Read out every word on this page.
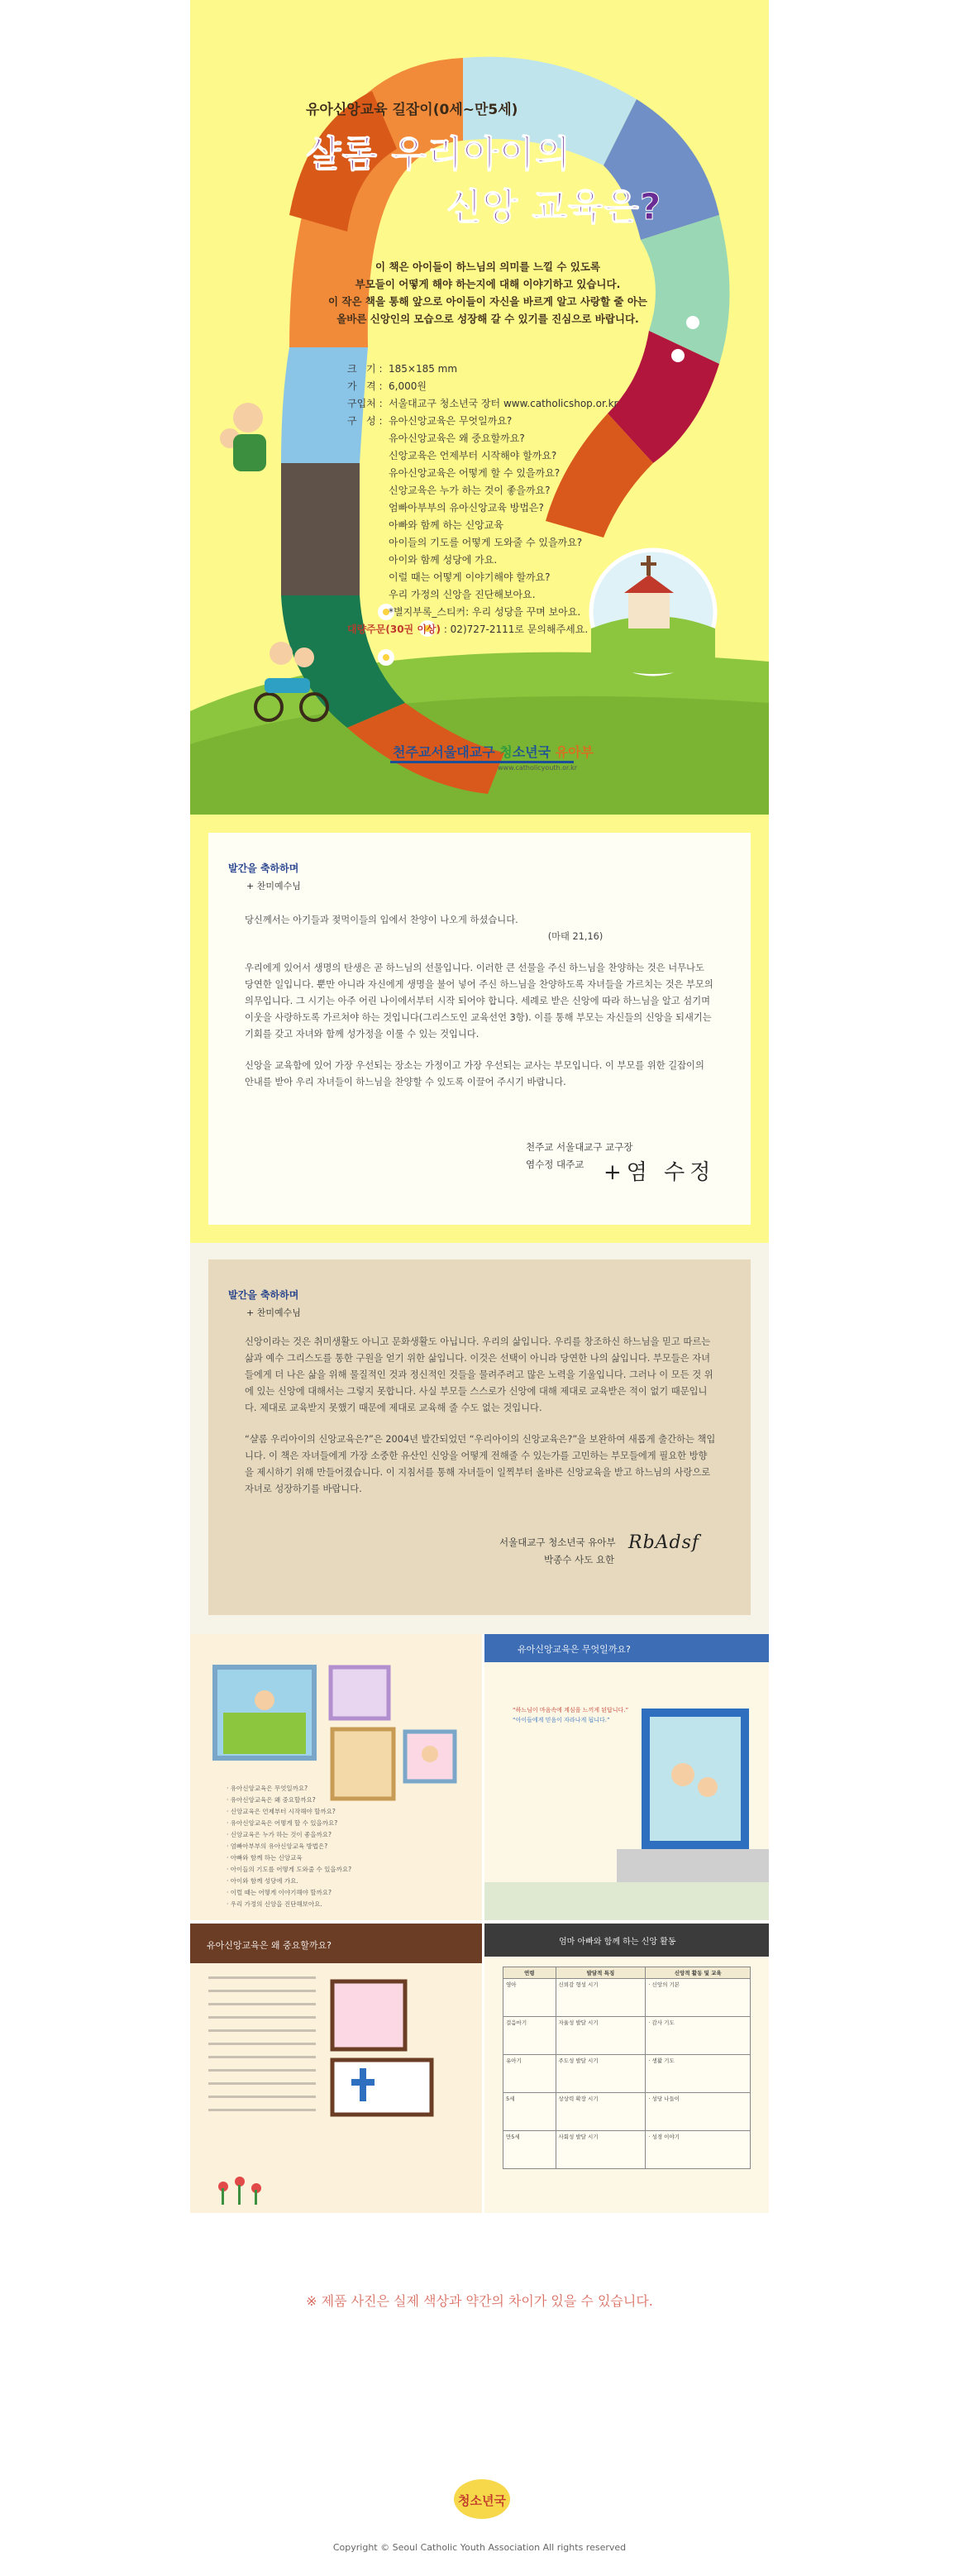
유아신앙교육 길잡이(0세~만5세)
샬롬 우리아이의
신앙 교육은?
이 책은 아이들이 하느님의 의미를 느낄 수 있도록
부모들이 어떻게 해야 하는지에 대해 이야기하고 있습니다.
이 작은 책을 통해 앞으로 아이들이 자신을 바르게 알고 사랑할 줄 아는
올바른 신앙인의 모습으로 성장해 갈 수 있기를 진심으로 바랍니다.
크   기 : 185×185 mm
가   격 : 6,000원
구입처 : 서울대교구 청소년국 장터 www.catholicshop.or.kr
구   성 : 유아신앙교육은 무엇일까요?
유아신앙교육은 왜 중요할까요?
신앙교육은 언제부터 시작해야 할까요?
유아신앙교육은 어떻게 할 수 있을까요?
신앙교육은 누가 하는 것이 좋을까요?
엄빠아부부의 유아신앙교육 방법은?
아빠와 함께 하는 신앙교육
아이들의 기도를 어떻게 도와줄 수 있을까요?
아이와 함께 성당에 가요.
이럴 때는 어떻게 이야기해야 할까요?
우리 가정의 신앙을 진단해보아요.
*별지부록_스티커: 우리 성당을 꾸며 보아요.
대량주문(30권 이상) : 02)727-2111로 문의해주세요.
천주교서울대교구 청소년국 유아부
www.catholicyouth.or.kr
발간을 축하하며
+ 찬미예수님

당신께서는 아기들과 젖먹이들의 입에서 찬양이 나오게 하셨습니다.

(마태 21,16)

우리에게 있어서 생명의 탄생은 곧 하느님의 선물입니다. 이러한 큰 선물을 주신 하느님을 찬양하는 것은 너무나도 당연한 일입니다. 뿐만 아니라 자신에게 생명을 불어 넣어 주신 하느님을 찬양하도록 자녀들을 가르치는 것은 부모의 의무입니다. 그 시기는 아주 어린 나이에서부터 시작 되어야 합니다. 세례로 받은 신앙에 따라 하느님을 알고 섬기며 이웃을 사랑하도록 가르쳐야 하는 것입니다(그리스도인 교육선언 3항). 이를 통해 부모는 자신들의 신앙을 되새기는 기회를 갖고 자녀와 함께 성가정을 이룰 수 있는 것입니다.

신앙을 교육함에 있어 가장 우선되는 장소는 가정이고 가장 우선되는 교사는 부모입니다. 이 부모를 위한 길잡이의 안내를 받아 우리 자녀들이 하느님을 찬양할 수 있도록 이끌어 주시기 바랍니다.

천주교 서울대교구 교구장
염수정 대주교 +염 수정
발간을 축하하며
+ 찬미예수님

신앙이라는 것은 취미생활도 아니고 문화생활도 아닙니다. 우리의 삶입니다. 우리를 창조하신 하느님을 믿고 따르는 삶과 예수 그리스도를 통한 구원을 얻기 위한 삶입니다. 이것은 선택이 아니라 당연한 나의 삶입니다. 부모들은 자녀들에게 더 나은 삶을 위해 물질적인 것과 정신적인 것들을 물려주려고 많은 노력을 기울입니다. 그러나 이 모든 것 위에 있는 신앙에 대해서는 그렇지 못합니다. 사실 부모들 스스로가 신앙에 대해 제대로 교육받은 적이 없기 때문입니다. 제대로 교육받지 못했기 때문에 제대로 교육해 줄 수도 없는 것입니다.

“샬롬 우리아이의 신앙교육은?”은 2004년 발간되었던 “우리아이의 신앙교육은?”을 보완하여 새롭게 출간하는 책입니다. 이 책은 자녀들에게 가장 소중한 유산인 신앙을 어떻게 전해줄 수 있는가를 고민하는 부모들에게 필요한 방향을 제시하기 위해 만들어졌습니다. 이 지침서를 통해 자녀들이 일찍부터 올바른 신앙교육을 받고 하느님의 사랑으로 자녀로 성장하기를 바랍니다.

서울대교구 청소년국 유아부
박종수 사도 요한
RbAdsf
· 유아신앙교육은 무엇일까요?
· 유아신앙교육은 왜 중요할까요?
· 신앙교육은 언제부터 시작해야 할까요?
· 유아신앙교육은 어떻게 할 수 있을까요?
· 신앙교육은 누가 하는 것이 좋을까요?
· 엄빠아부부의 유아신앙교육 방법은?
· 아빠와 함께 하는 신앙교육
· 아이들의 기도를 어떻게 도와줄 수 있을까요?
· 아이와 함께 성당에 가요.
· 이럴 때는 어떻게 이야기해야 할까요?
· 우리 가정의 신앙을 진단해보아요.
유아신앙교육은 무엇일까요?
“하느님이 마음속에 계심을 느끼게 된답니다.”
“아이들에게 믿음이 자라나게 됩니다.”
유아신앙교육은 왜 중요할까요?	엄마 아빠와 함께 하는 신앙 활동
연령	발달적 특징	신앙적 활동 및 교육
영아	신뢰감 형성 시기	· 신앙의 기본
걸음마기	자율성 발달 시기	· 감사 기도
유아기	주도성 발달 시기	· 생활 기도
5세	상상력 확장 시기	· 성당 나들이
만5세	사회성 발달 시기	· 성경 이야기
※ 제품 사진은 실제 색상과 약간의 차이가 있을 수 있습니다.
청소년국
Copyright © Seoul Catholic Youth Association All rights reserved
